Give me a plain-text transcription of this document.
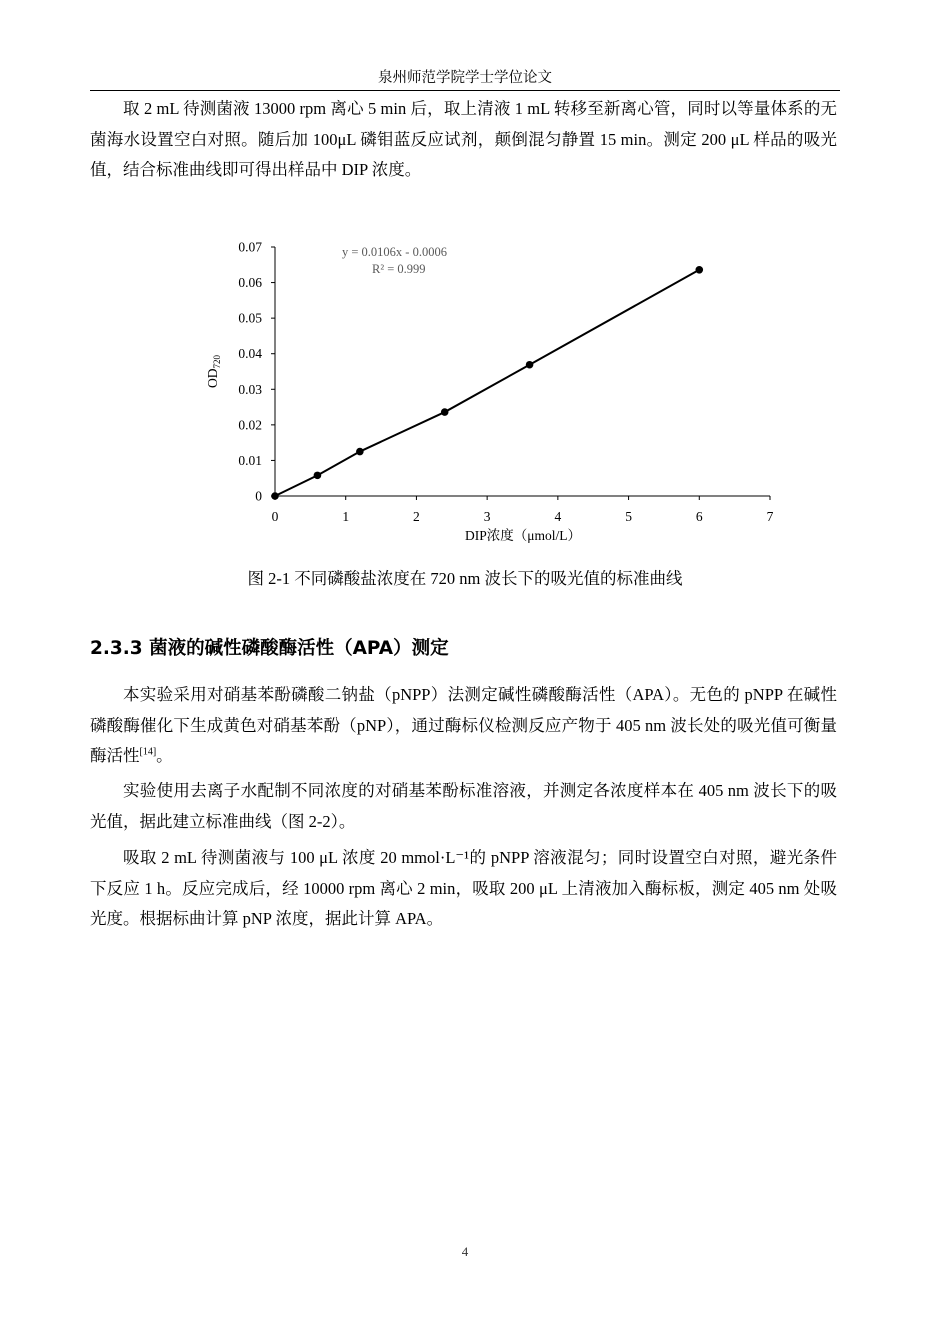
泉州师范学院学士学位论文

取 2 mL 待测菌液 13000 rpm 离心 5 min 后，取上清液 1 mL 转移至新离心管，同时以等量体系的无菌海水设置空白对照。随后加 100μL 磷钼蓝反应试剂，颠倒混匀静置 15 min。测定 200 μL 样品的吸光值，结合标准曲线即可得出样品中 DIP 浓度。

0
0.01
0.02
0.03
0.04
0.05
0.06
0.07
0	1	2	3	4	5	6	7
y = 0.0106x - 0.0006
R² = 0.999
DIP浓度（μmol/L）
$OD_{720}$

图 2-1 不同磷酸盐浓度在 720 nm 波长下的吸光值的标准曲线

2.3.3 菌液的碱性磷酸酶活性（APA）测定

本实验采用对硝基苯酚磷酸二钠盐（pNPP）法测定碱性磷酸酶活性（APA）。无色的 pNPP 在碱性磷酸酶催化下生成黄色对硝基苯酚（pNP），通过酶标仪检测反应产物于 405 nm 波长处的吸光值可衡量酶活性[14]。

实验使用去离子水配制不同浓度的对硝基苯酚标准溶液，并测定各浓度样本在 405 nm 波长下的吸光值，据此建立标准曲线（图 2-2）。

吸取 2 mL 待测菌液与 100 μL 浓度 20 mmol·L⁻¹的 pNPP 溶液混匀；同时设置空白对照，避光条件下反应 1 h。反应完成后，经 10000 rpm 离心 2 min，吸取 200 μL 上清液加入酶标板，测定 405 nm 处吸光度。根据标曲计算 pNP 浓度，据此计算 APA。

4
